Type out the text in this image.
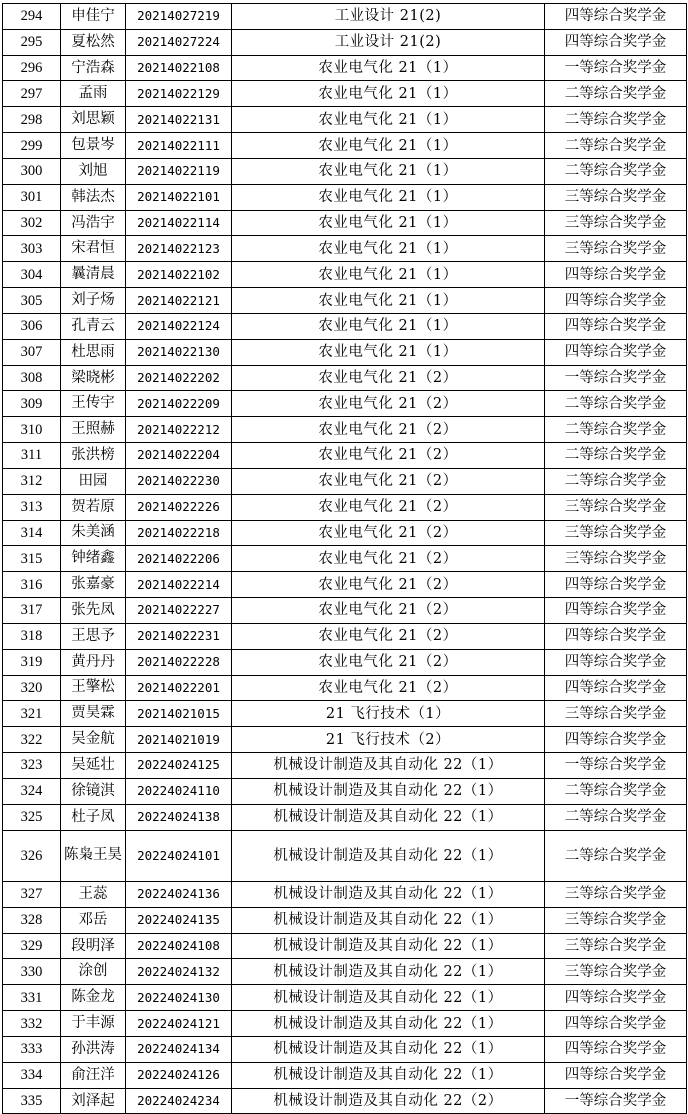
294	申佳宁	20214027219	工业设计 21(2)	四等综合奖学金
295	夏松然	20214027224	工业设计 21(2)	四等综合奖学金
296	宁浩森	20214022108	农业电气化 21（1）	一等综合奖学金
297	孟雨	20214022129	农业电气化 21（1）	二等综合奖学金
298	刘思颖	20214022131	农业电气化 21（1）	二等综合奖学金
299	包景岑	20214022111	农业电气化 21（1）	二等综合奖学金
300	刘旭	20214022119	农业电气化 21（1）	二等综合奖学金
301	韩法杰	20214022101	农业电气化 21（1）	三等综合奖学金
302	冯浩宇	20214022114	农业电气化 21（1）	三等综合奖学金
303	宋君恒	20214022123	农业电气化 21（1）	三等综合奖学金
304	曩清晨	20214022102	农业电气化 21（1）	四等综合奖学金
305	刘子炀	20214022121	农业电气化 21（1）	四等综合奖学金
306	孔青云	20214022124	农业电气化 21（1）	四等综合奖学金
307	杜思雨	20214022130	农业电气化 21（1）	四等综合奖学金
308	梁晓彬	20214022202	农业电气化 21（2）	一等综合奖学金
309	王传宇	20214022209	农业电气化 21（2）	二等综合奖学金
310	王照赫	20214022212	农业电气化 21（2）	二等综合奖学金
311	张洪榜	20214022204	农业电气化 21（2）	二等综合奖学金
312	田园	20214022230	农业电气化 21（2）	二等综合奖学金
313	贺若原	20214022226	农业电气化 21（2）	三等综合奖学金
314	朱美涵	20214022218	农业电气化 21（2）	三等综合奖学金
315	钟绪鑫	20214022206	农业电气化 21（2）	三等综合奖学金
316	张嘉豪	20214022214	农业电气化 21（2）	四等综合奖学金
317	张先凤	20214022227	农业电气化 21（2）	四等综合奖学金
318	王思予	20214022231	农业电气化 21（2）	四等综合奖学金
319	黄丹丹	20214022228	农业电气化 21（2）	四等综合奖学金
320	王擎松	20214022201	农业电气化 21（2）	四等综合奖学金
321	贾昊霖	20214021015	21 飞行技术（1）	三等综合奖学金
322	吴金航	20214021019	21 飞行技术（2）	四等综合奖学金
323	吴延壮	20224024125	机械设计制造及其自动化 22（1）	一等综合奖学金
324	徐镜淇	20224024110	机械设计制造及其自动化 22（1）	二等综合奖学金
325	杜子凤	20224024138	机械设计制造及其自动化 22（1）	二等综合奖学金
326	陈枭王昊	20224024101	机械设计制造及其自动化 22（1）	二等综合奖学金
327	王蕊	20224024136	机械设计制造及其自动化 22（1）	三等综合奖学金
328	邓岳	20224024135	机械设计制造及其自动化 22（1）	三等综合奖学金
329	段明泽	20224024108	机械设计制造及其自动化 22（1）	三等综合奖学金
330	涂创	20224024132	机械设计制造及其自动化 22（1）	三等综合奖学金
331	陈金龙	20224024130	机械设计制造及其自动化 22（1）	四等综合奖学金
332	于丰源	20224024121	机械设计制造及其自动化 22（1）	四等综合奖学金
333	孙洪涛	20224024134	机械设计制造及其自动化 22（1）	四等综合奖学金
334	俞汪洋	20224024126	机械设计制造及其自动化 22（1）	四等综合奖学金
335	刘泽起	20224024234	机械设计制造及其自动化 22（2）	一等综合奖学金
